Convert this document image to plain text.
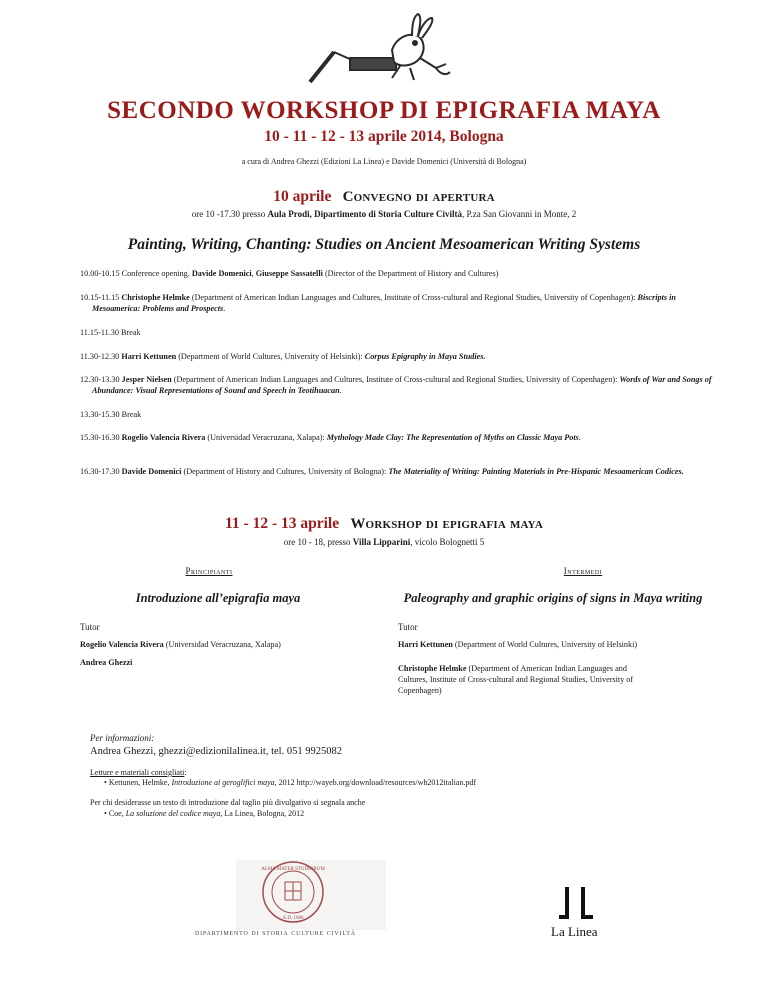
SECONDO WORKSHOP DI EPIGRAFIA MAYA
10 - 11 - 12 - 13 aprile 2014, Bologna
a cura di Andrea Ghezzi (Edizioni La Linea) e Davide Domenici (Università di Bologna)
10 aprile Convegno di apertura
ore 10 -17.30 presso Aula Prodi, Dipartimento di Storia Culture Civiltà, P.za San Giovanni in Monte, 2
Painting, Writing, Chanting: Studies on Ancient Mesoamerican Writing Systems
10.00-10.15 Conference opening. Davide Domenici, Giuseppe Sassatelli (Director of the Department of History and Cultures)
10.15-11.15 Christophe Helmke (Department of American Indian Languages and Cultures, Institute of Cross-cultural and Regional Studies, University of Copenhagen): Biscripts in Mesoamerica: Problems and Prospects.
11.15-11.30 Break
11.30-12.30 Harri Kettunen (Department of World Cultures, University of Helsinki): Corpus Epigraphy in Maya Studies.
12.30-13.30 Jesper Nielsen (Department of American Indian Languages and Cultures, Institute of Cross-cultural and Regional Studies, University of Copenhagen): Words of War and Songs of Abundance: Visual Representations of Sound and Speech in Teotihuacan.
13.30-15.30 Break
15.30-16.30 Rogelio Valencia Rivera (Universidad Veracruzana, Xalapa): Mythology Made Clay: The Representation of Myths on Classic Maya Pots.
16.30-17.30 Davide Domenici (Department of History and Cultures, University of Bologna): The Materiality of Writing: Painting Materials in Pre-Hispanic Mesoamerican Codices.
11 - 12 - 13 aprile Workshop di epigrafia maya
ore 10 - 18, presso Villa Lipparini, vicolo Bolognetti 5
Principianti
Introduzione all’epigrafia maya
Tutor
Rogelio Valencia Rivera (Universidad Veracruzana, Xalapa)
Andrea Ghezzi
Intermedi
Paleography and graphic origins of signs in Maya writing
Tutor
Harri Kettunen (Department of World Cultures, University of Helsinki)
Christophe Helmke (Department of American Indian Languages and Cultures, Institute of Cross-cultural and Regional Studies, University of Copenhagen)
Per informazioni:
Andrea Ghezzi, ghezzi@edizionilalinea.it, tel. 051 9925082
Letture e materiali consigliati:
• Kettunen, Helmke, Introduzione ai geroglifici maya, 2012 http://wayeb.org/download/resources/wh2012italian.pdf
Per chi desiderasse un testo di introduzione dal taglio più divulgativo si segnala anche
• Coe, La soluzione del codice maya, La Linea, Bologna, 2012
ALMA MATER STUDIORUM
A.D. 1088
dipartimento di storia culture civiltà	La Linea
